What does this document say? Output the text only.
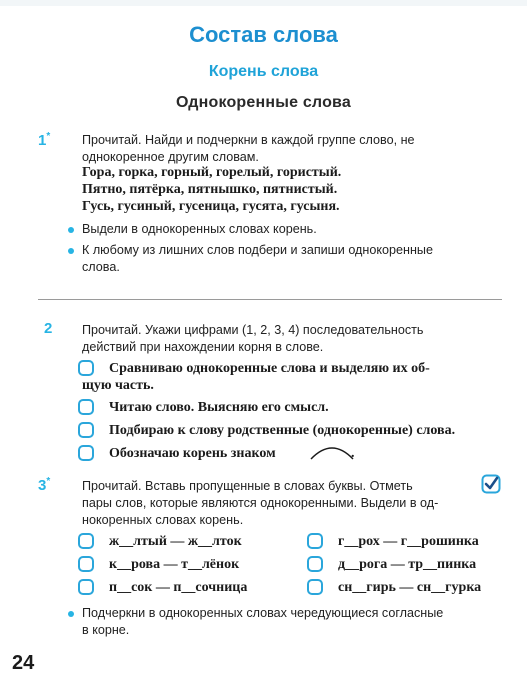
Состав слова
Корень слова
Однокоренные слова
1*	Прочитай. Найди и подчеркни в каждой группе слово, не
однокоренное другим словам.
Гора, горка, горный, горелый, гористый.
Пятно, пятёрка, пятнышко, пятнистый.
Гусь, гусиный, гусеница, гусята, гусыня.
Выдели в однокоренных словах корень.
К любому из лишних слов подбери и запиши однокоренные
слова.
2 Прочитай. Укажи цифрами (1, 2, 3, 4) последовательность
действий при нахождении корня в слове.
Сравниваю однокоренные слова и выделяю их об-
щую часть.
Читаю слово. Выясняю его смысл.
Подбираю к слову родственные (однокоренные) слова.
Обозначаю корень знаком	.
3*	Прочитай. Вставь пропущенные в словах буквы. Отметь
пары слов, которые являются однокоренными. Выдели в од-
нокоренных словах корень.
ж__лтый — ж__лток
к__рова — т__лёнок
п__сок — п__сочница
г__рох — г__рошинка
д__рога — тр__пинка
сн__гирь — сн__гурка
Подчеркни в однокоренных словах чередующиеся согласные
в корне.
24
